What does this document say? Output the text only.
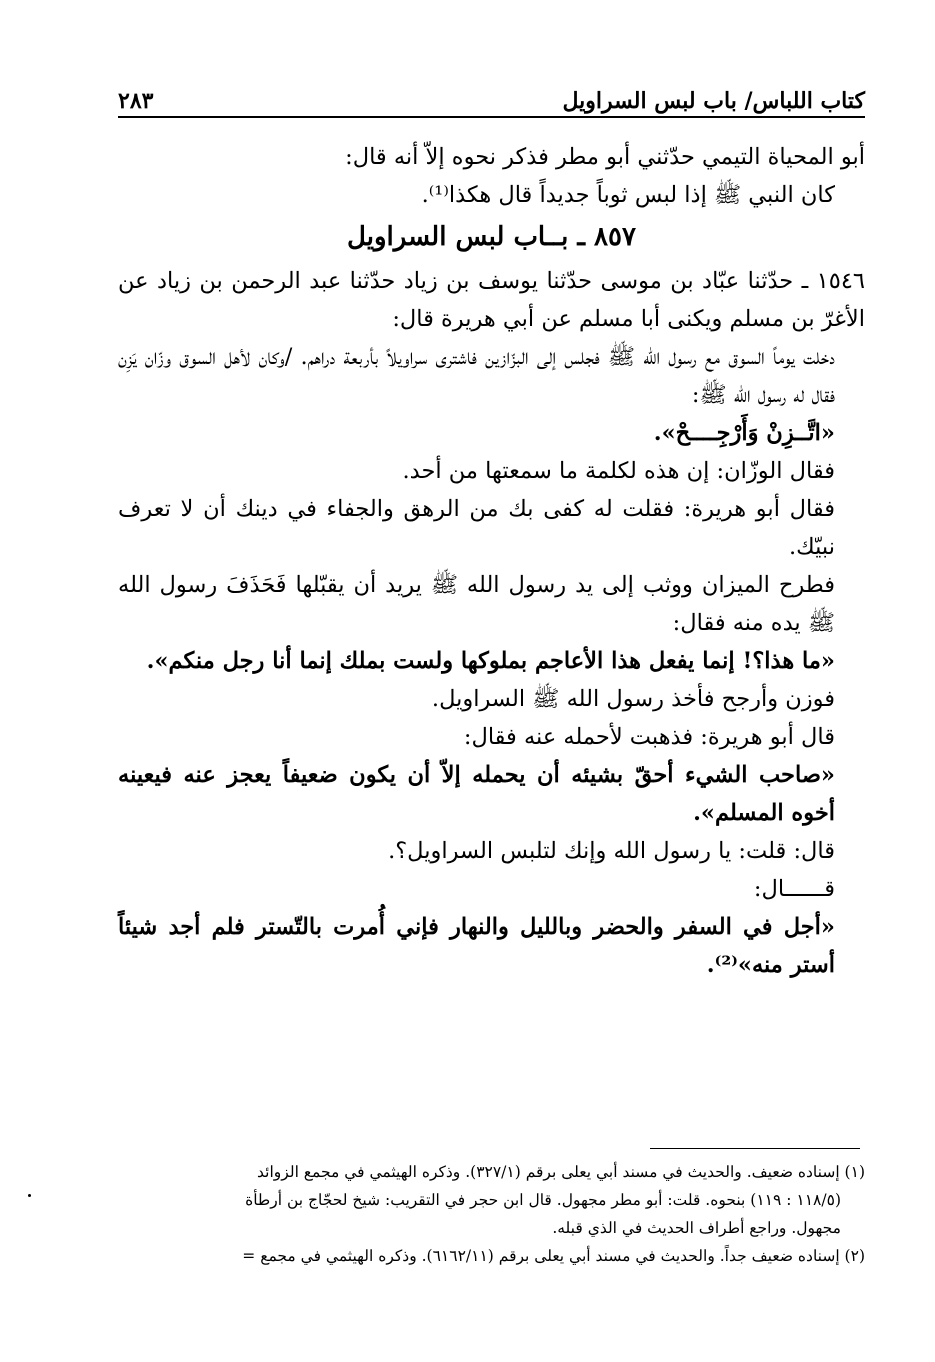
كتاب اللباس/ باب لبس السراويل
٢٨٣

أبو المحياة التيمي حدّثني أبو مطر فذكر نحوه إلاّ أنه قال:

كان النبي ﷺ إذا لبس ثوباً جديداً قال هكذا⁽¹⁾.

٨٥٧ ـ بــاب لبس السراويل

١٥٤٦ ـ حدّثنا عبّاد بن موسى حدّثنا يوسف بن زياد حدّثنا عبد الرحمن بن زياد عن الأغرّ بن مسلم ويكنى أبا مسلم عن أبي هريرة قال:

دخلت يوماً السوق مع رسول الله ﷺ فجلس إلى البزّازين فاشترى سراويلاً بأربعة دراهم. /وكان لأهل السوق وزّان يَزِن فقال له رسول الله ﷺ:

«اتَّــزِنْ وَأَرْجِــــحْ».

فقال الوزّان: إن هذه لكلمة ما سمعتها من أحد.

فقال أبو هريرة: فقلت له كفى بك من الرهق والجفاء في دينك أن لا تعرف نبيّك.

فطرح الميزان ووثب إلى يد رسول الله ﷺ يريد أن يقبّلها فَحَذَفَ رسول الله ﷺ يده منه فقال:

«ما هذا؟! إنما يفعل هذا الأعاجم بملوكها ولست بملك إنما أنا رجل منكم».

فوزن وأرجح فأخذ رسول الله ﷺ السراويل.

قال أبو هريرة: فذهبت لأحمله عنه فقال:

«صاحب الشيء أحقّ بشيئه أن يحمله إلاّ أن يكون ضعيفاً يعجز عنه فيعينه أخوه المسلم».

قال: قلت: يا رسول الله وإنك لتلبس السراويل؟.

قــــــال:

«أجل في السفر والحضر وبالليل والنهار فإني أُمرت بالتّستر فلم أجد شيئاً أستر منه»⁽²⁾.

(١) إسناده ضعيف. والحديث في مسند أبي يعلى برقم (٣٢٧/١). وذكره الهيثمي في مجمع الزوائد

(١١٨/٥ : ١١٩) بنحوه. قلت: أبو مطر مجهول. قال ابن حجر في التقريب: شيخ لحجّاج بن أرطأة

مجهول. وراجع أطراف الحديث في الذي قبله.

(٢) إسناده ضعيف جداً. والحديث في مسند أبي يعلى برقم (٦١٦٢/١١). وذكره الهيثمي في مجمع =
